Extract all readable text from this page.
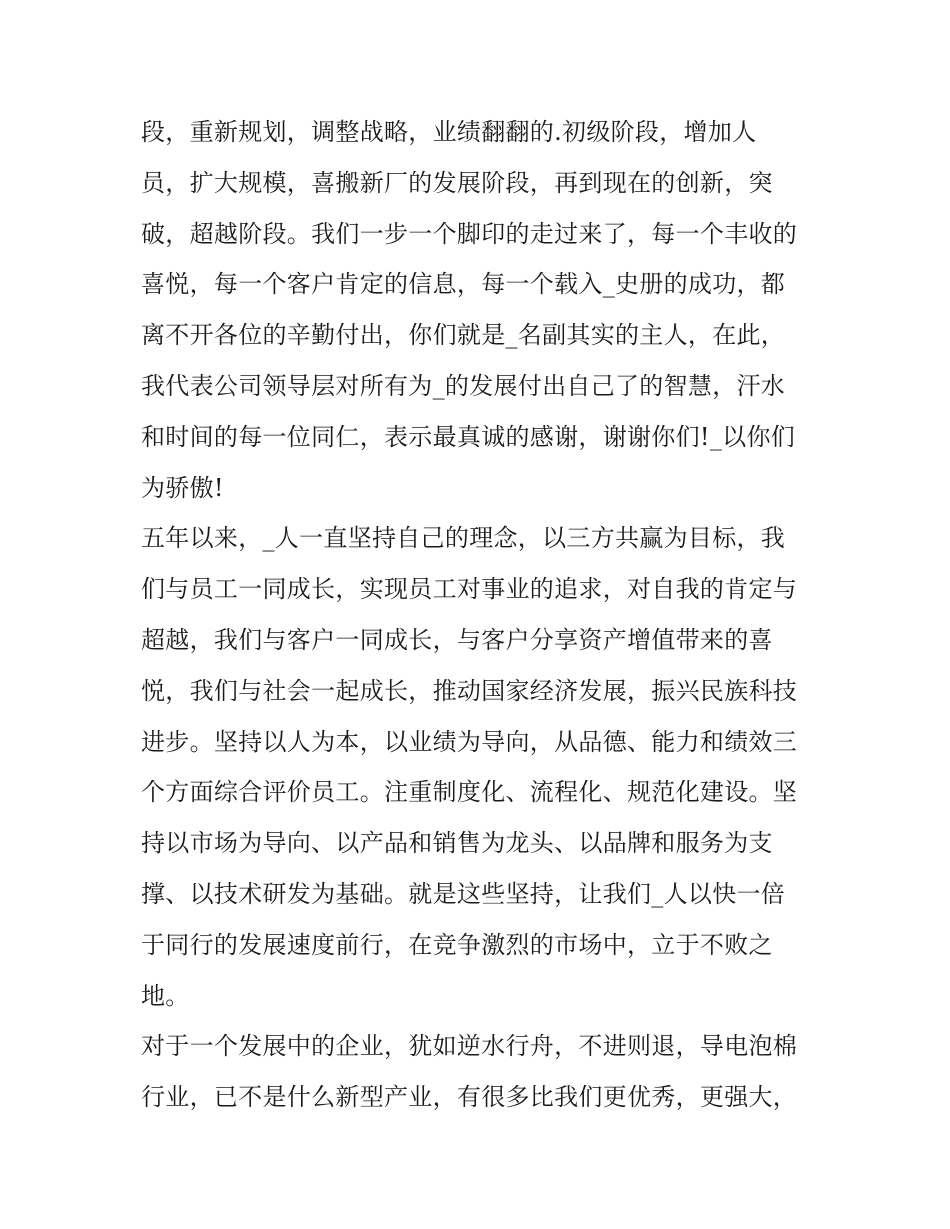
段，重新规划，调整战略，业绩翻翻的.初级阶段，增加人
员，扩大规模，喜搬新厂的发展阶段，再到现在的创新，突
破，超越阶段。我们一步一个脚印的走过来了，每一个丰收的
喜悦，每一个客户肯定的信息，每一个载入_史册的成功，都
离不开各位的辛勤付出，你们就是_名副其实的主人，在此，
我代表公司领导层对所有为_的发展付出自己了的智慧，汗水
和时间的每一位同仁，表示最真诚的感谢，谢谢你们!_以你们
为骄傲!
五年以来，_人一直坚持自己的理念，以三方共赢为目标，我
们与员工一同成长，实现员工对事业的追求，对自我的肯定与
超越，我们与客户一同成长，与客户分享资产增值带来的喜
悦，我们与社会一起成长，推动国家经济发展，振兴民族科技
进步。坚持以人为本，以业绩为导向，从品德、能力和绩效三
个方面综合评价员工。注重制度化、流程化、规范化建设。坚
持以市场为导向、以产品和销售为龙头、以品牌和服务为支
撑、以技术研发为基础。就是这些坚持，让我们_人以快一倍
于同行的发展速度前行，在竞争激烈的市场中，立于不败之
地。
对于一个发展中的企业，犹如逆水行舟，不进则退，导电泡棉
行业，已不是什么新型产业，有很多比我们更优秀，更强大，
